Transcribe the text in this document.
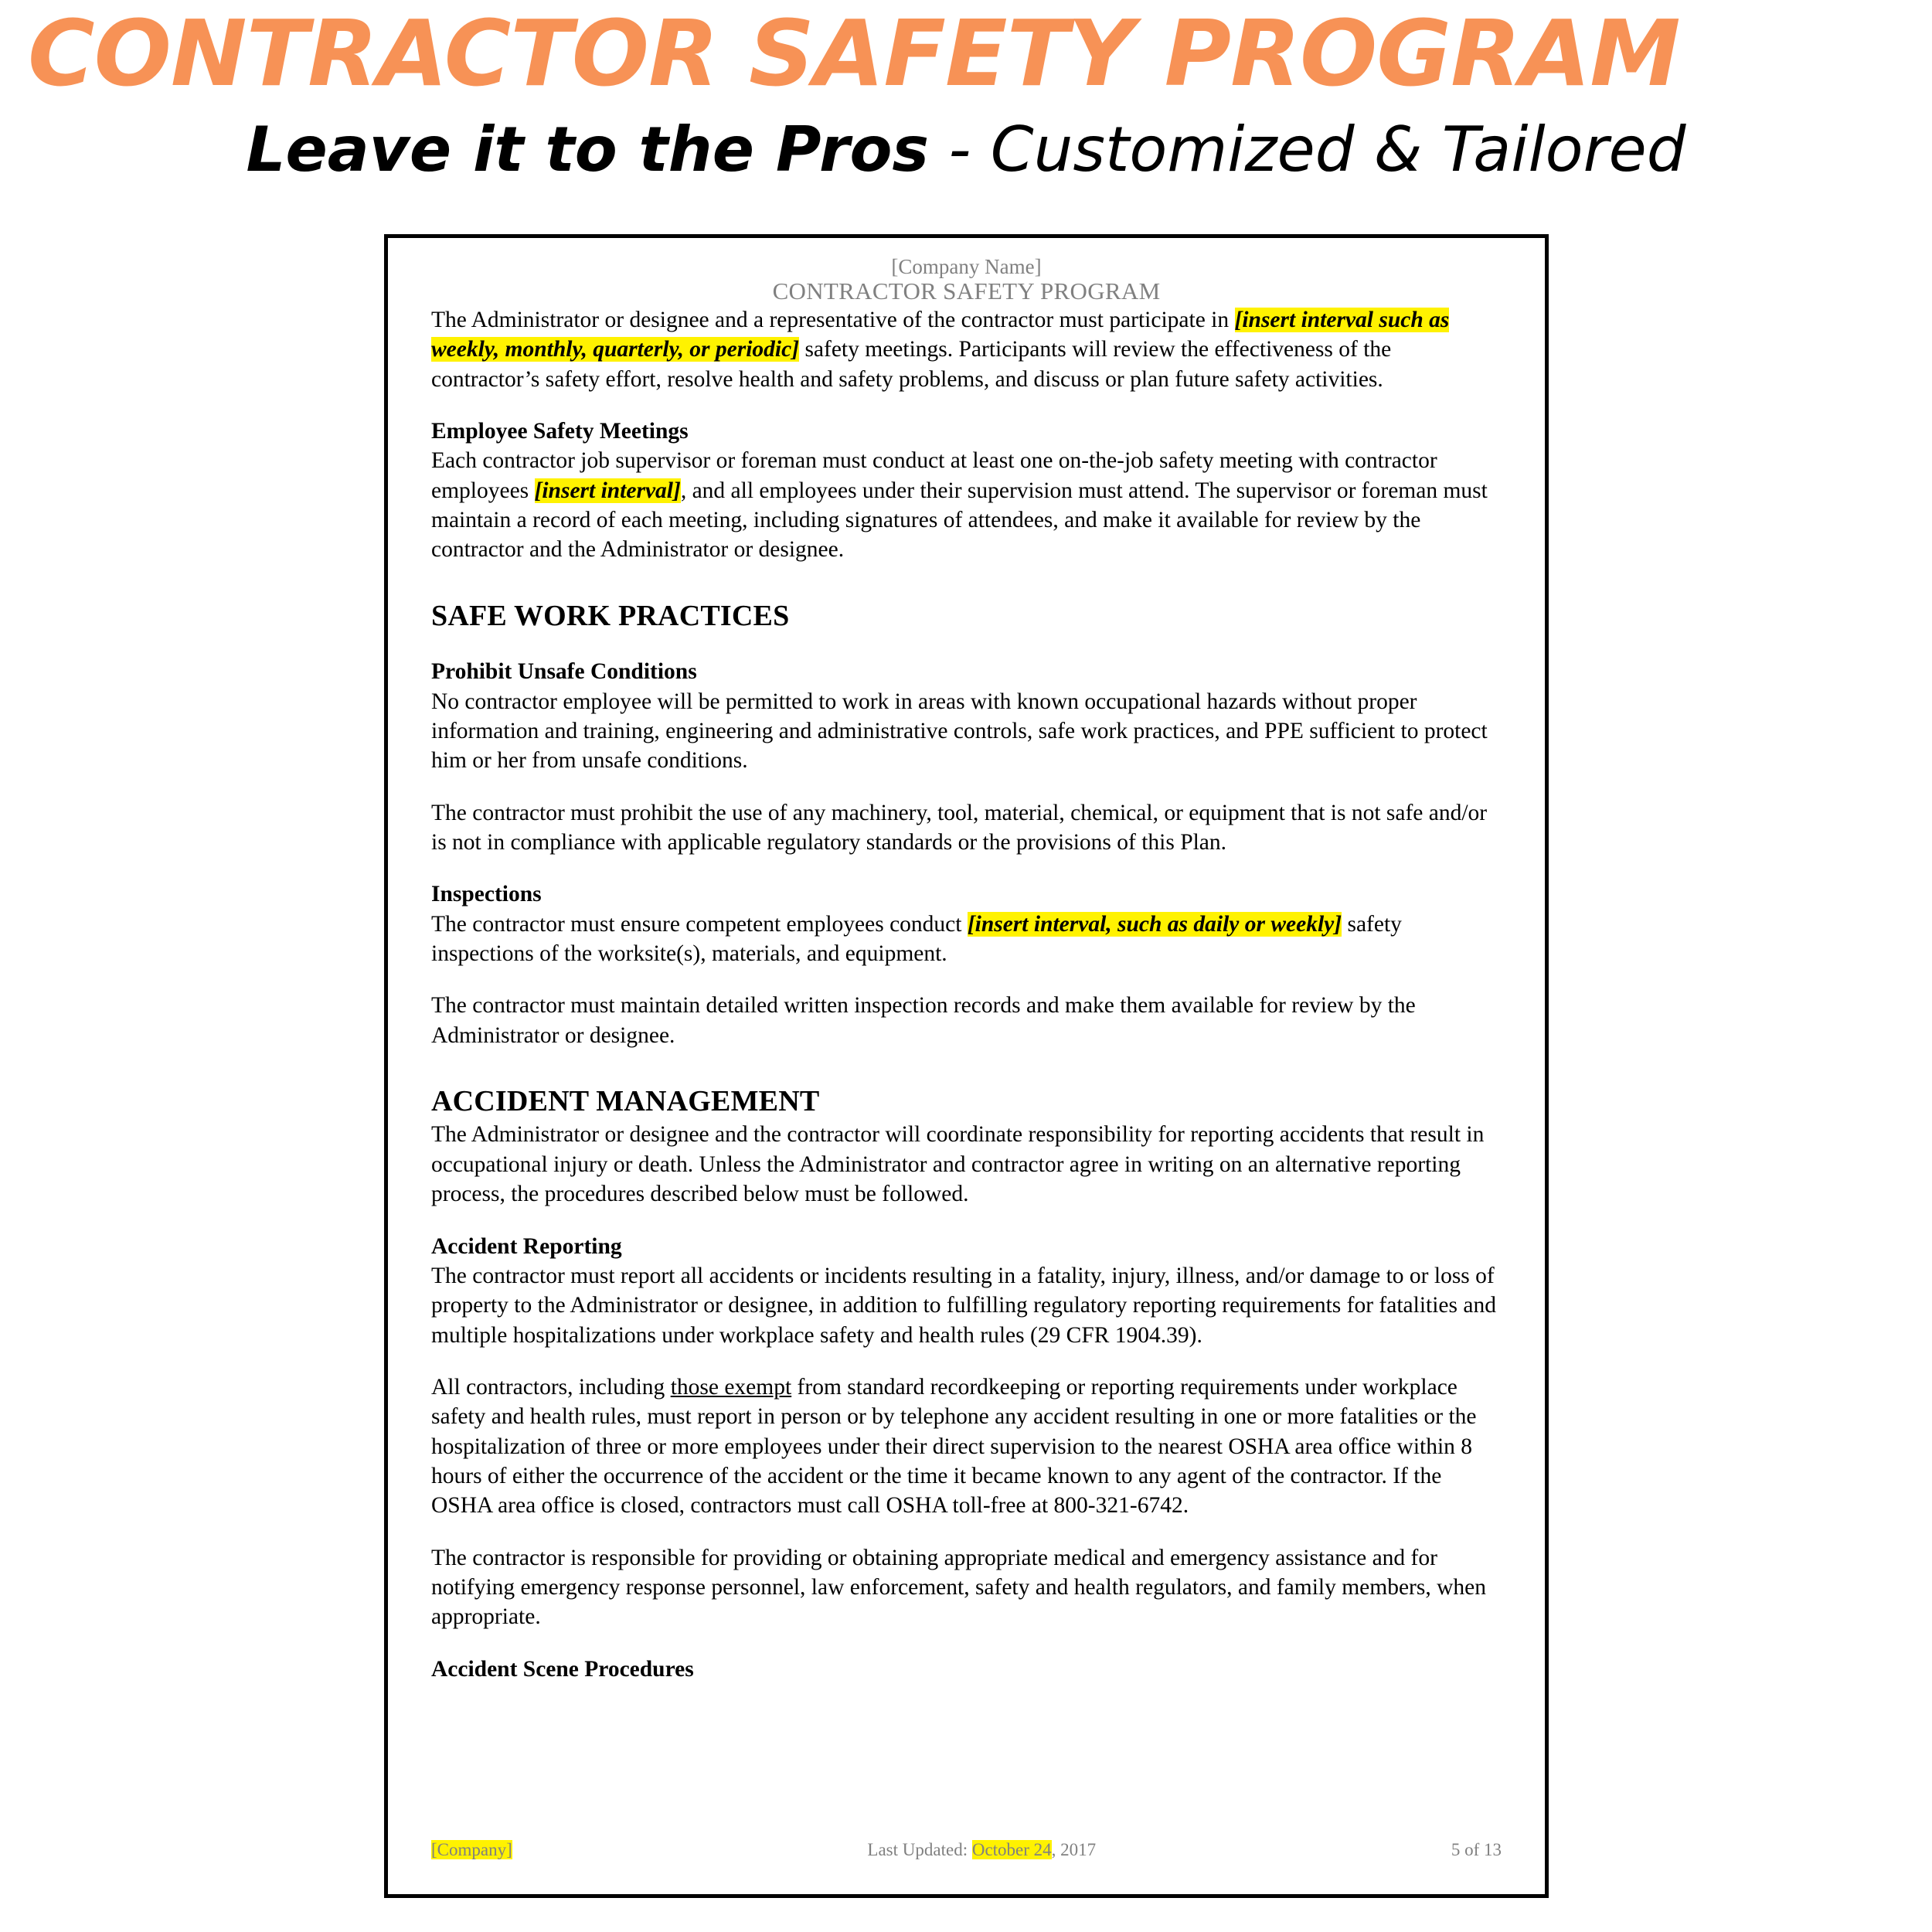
CONTRACTOR SAFETY PROGRAM
Leave it to the Pros - Customized & Tailored
[Company Name]
CONTRACTOR SAFETY PROGRAM

The Administrator or designee and a representative of the contractor must participate in [insert interval such as weekly, monthly, quarterly, or periodic] safety meetings. Participants will review the effectiveness of the contractor’s safety effort, resolve health and safety problems, and discuss or plan future safety activities.

Employee Safety Meetings

Each contractor job supervisor or foreman must conduct at least one on-the-job safety meeting with contractor employees [insert interval], and all employees under their supervision must attend. The supervisor or foreman must maintain a record of each meeting, including signatures of attendees, and make it available for review by the contractor and the Administrator or designee.

SAFE WORK PRACTICES
Prohibit Unsafe Conditions

No contractor employee will be permitted to work in areas with known occupational hazards without proper information and training, engineering and administrative controls, safe work practices, and PPE sufficient to protect him or her from unsafe conditions.

The contractor must prohibit the use of any machinery, tool, material, chemical, or equipment that is not safe and/or is not in compliance with applicable regulatory standards or the provisions of this Plan.

Inspections

The contractor must ensure competent employees conduct [insert interval, such as daily or weekly] safety inspections of the worksite(s), materials, and equipment.

The contractor must maintain detailed written inspection records and make them available for review by the Administrator or designee.

ACCIDENT MANAGEMENT

The Administrator or designee and the contractor will coordinate responsibility for reporting accidents that result in occupational injury or death. Unless the Administrator and contractor agree in writing on an alternative reporting process, the procedures described below must be followed.

Accident Reporting

The contractor must report all accidents or incidents resulting in a fatality, injury, illness, and/or damage to or loss of property to the Administrator or designee, in addition to fulfilling regulatory reporting requirements for fatalities and multiple hospitalizations under workplace safety and health rules (29 CFR 1904.39).

All contractors, including those exempt from standard recordkeeping or reporting requirements under workplace safety and health rules, must report in person or by telephone any accident resulting in one or more fatalities or the hospitalization of three or more employees under their direct supervision to the nearest OSHA area office within 8 hours of either the occurrence of the accident or the time it became known to any agent of the contractor. If the OSHA area office is closed, contractors must call OSHA toll-free at 800-321-6742.

The contractor is responsible for providing or obtaining appropriate medical and emergency assistance and for notifying emergency response personnel, law enforcement, safety and health regulators, and family members, when appropriate.

Accident Scene Procedures
[Company]	Last Updated: October 24, 2017	5 of 13
